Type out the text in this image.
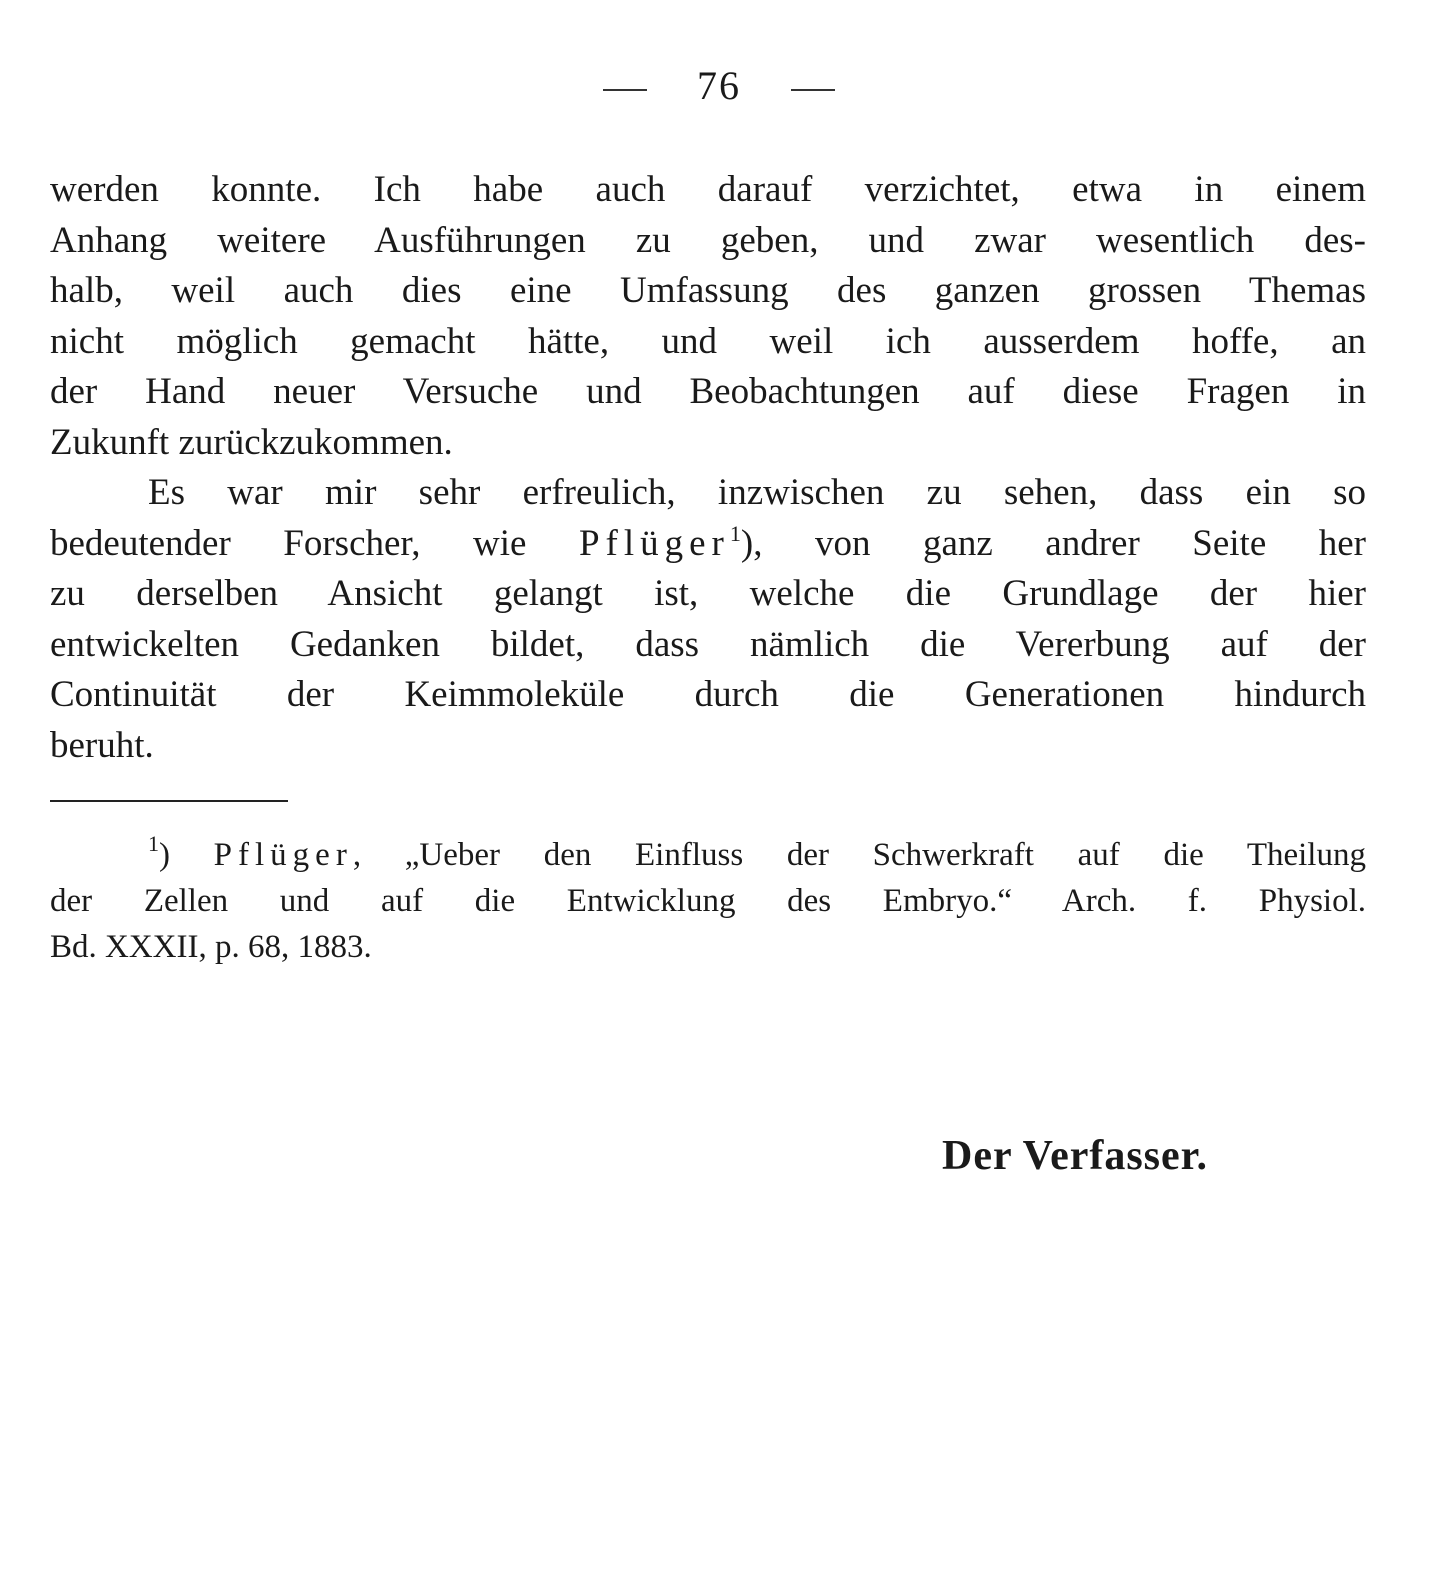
76
werden konnte. Ich habe auch darauf verzichtet, etwa in einem
Anhang weitere Ausführungen zu geben, und zwar wesentlich des-
halb, weil auch dies eine Umfassung des ganzen grossen Themas
nicht möglich gemacht hätte, und weil ich ausserdem hoffe, an
der Hand neuer Versuche und Beobachtungen auf diese Fragen in
Zukunft zurückzukommen.
Es war mir sehr erfreulich, inzwischen zu sehen, dass ein so
bedeutender Forscher, wie Pflüger$^1$), von ganz andrer Seite her
zu derselben Ansicht gelangt ist, welche die Grundlage der hier
entwickelten Gedanken bildet, dass nämlich die Vererbung auf der
Continuität der Keimmoleküle durch die Generationen hindurch
beruht.
$^1$) Pflüger, „Ueber den Einfluss der Schwerkraft auf die Theilung
der Zellen und auf die Entwicklung des Embryo.“ Arch. f. Physiol.
Bd. XXXII, p. 68, 1883.
Der Verfasser.
